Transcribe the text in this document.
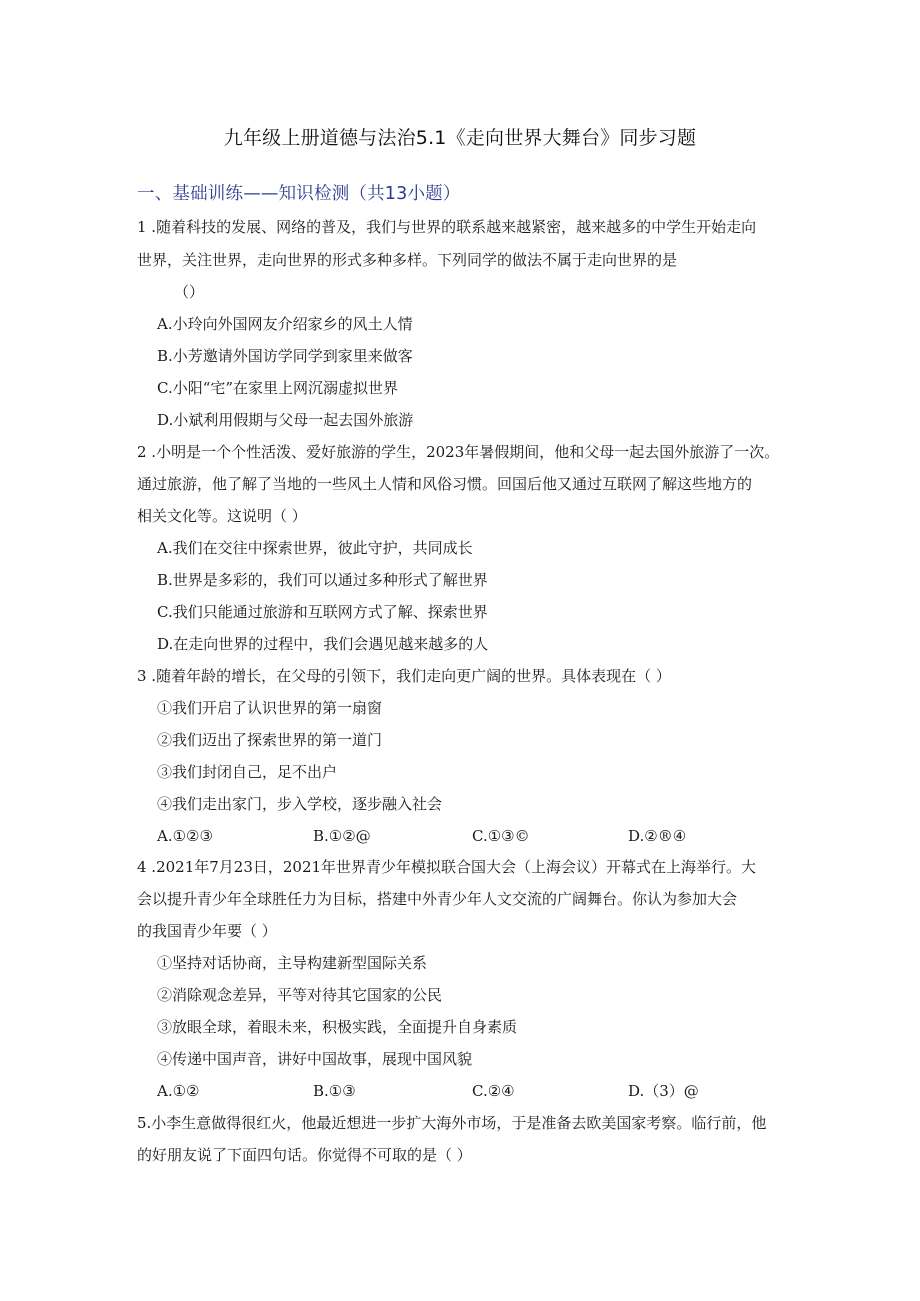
九年级上册道德与法治5.1《走向世界大舞台》同步习题
一、基础训练——知识检测（共13小题）
1 .随着科技的发展、网络的普及，我们与世界的联系越来越紧密，越来越多的中学生开始走向
世界，关注世界，走向世界的形式多种多样。下列同学的做法不属于走向世界的是
（）
A.小玲向外国网友介绍家乡的风土人情
B.小芳邀请外国访学同学到家里来做客
C.小阳“宅”在家里上网沉溺虚拟世界
D.小斌利用假期与父母一起去国外旅游
2 .小明是一个个性活泼、爱好旅游的学生，2023年暑假期间，他和父母一起去国外旅游了一次。
通过旅游，他了解了当地的一些风土人情和风俗习惯。回国后他又通过互联网了解这些地方的
相关文化等。这说明（ ）
A.我们在交往中探索世界，彼此守护，共同成长
B.世界是多彩的，我们可以通过多种形式了解世界
C.我们只能通过旅游和互联网方式了解、探索世界
D.在走向世界的过程中，我们会遇见越来越多的人
3 .随着年龄的增长，在父母的引领下，我们走向更广阔的世界。具体表现在（ ）
①我们开启了认识世界的第一扇窗
②我们迈出了探索世界的第一道门
③我们封闭自己，足不出户
④我们走出家门，步入学校，逐步融入社会
A.①②③	B.①②@	C.①③©	D.②®④
4 .2021年7月23日，2021年世界青少年模拟联合国大会（上海会议）开幕式在上海举行。大
会以提升青少年全球胜任力为目标，搭建中外青少年人文交流的广阔舞台。你认为参加大会
的我国青少年要（ ）
①坚持对话协商，主导构建新型国际关系
②消除观念差异，平等对待其它国家的公民
③放眼全球，着眼未来，积极实践，全面提升自身素质
④传递中国声音，讲好中国故事，展现中国风貌
A.①②	B.①③	C.②④	D.（3）@
5.小李生意做得很红火，他最近想进一步扩大海外市场，于是准备去欧美国家考察。临行前，他
的好朋友说了下面四句话。你觉得不可取的是（ ）
